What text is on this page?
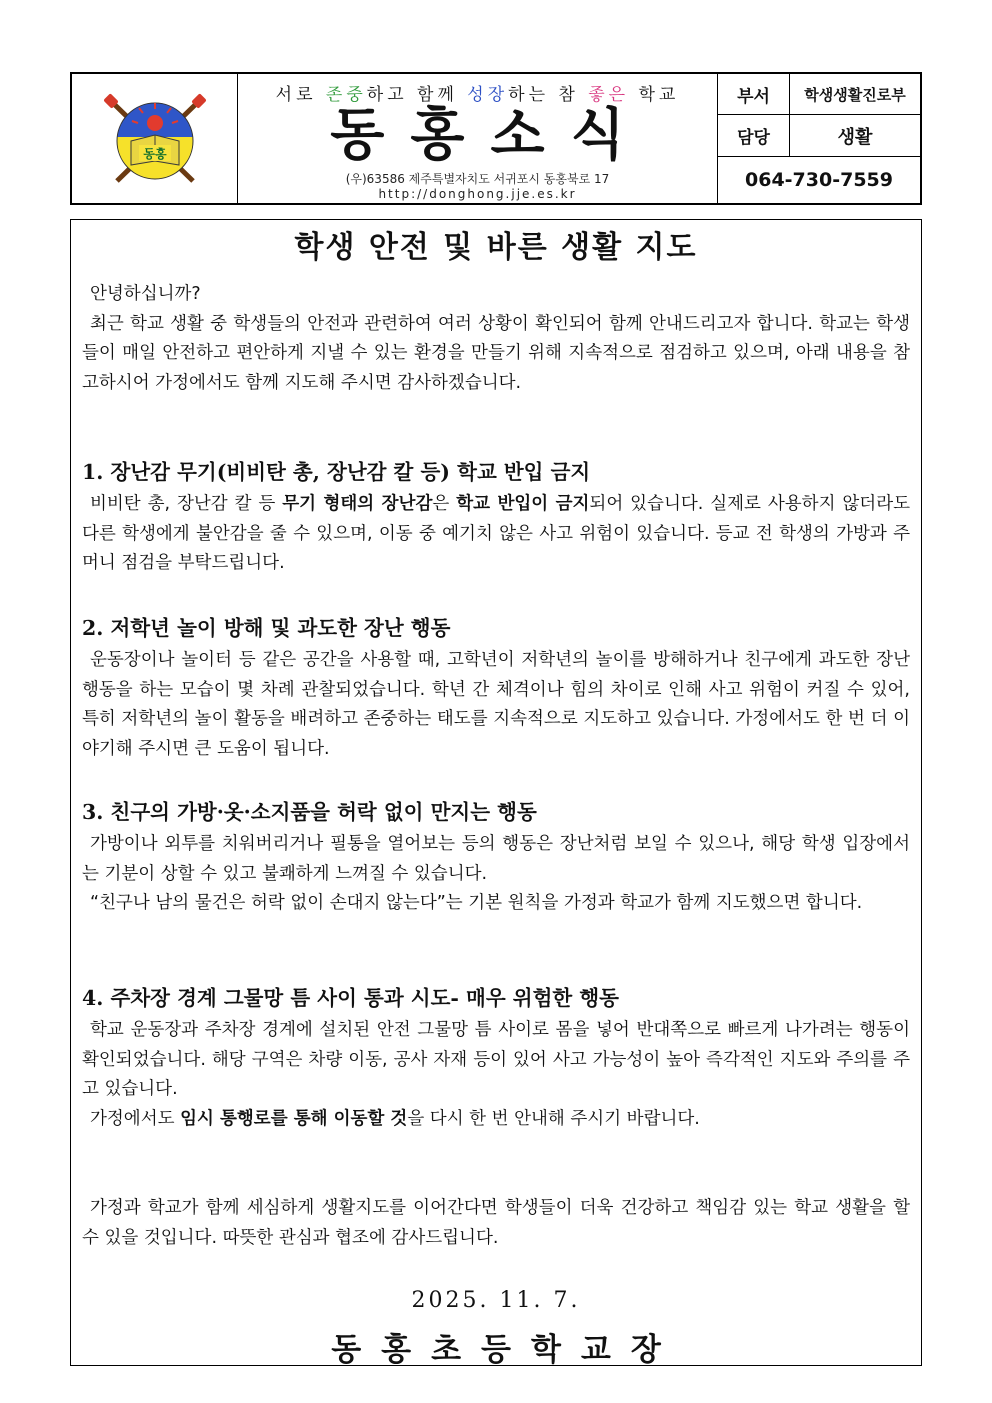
동홍
서로 존중하고 함께 성장하는 참 좋은 학교
동홍소식
(우)63586 제주특별자치도 서귀포시 동홍북로 17
http://donghong.jje.es.kr
부서	학생생활진로부
담당	생활
064-730-7559
학생 안전 및 바른 생활 지도

안녕하십니까?

최근 학교 생활 중 학생들의 안전과 관련하여 여러 상황이 확인되어 함께 안내드리고자 합니다. 학교는 학생들이 매일 안전하고 편안하게 지낼 수 있는 환경을 만들기 위해 지속적으로 점검하고 있으며, 아래 내용을 참고하시어 가정에서도 함께 지도해 주시면 감사하겠습니다.

1. 장난감 무기(비비탄 총, 장난감 칼 등) 학교 반입 금지

비비탄 총, 장난감 칼 등 무기 형태의 장난감은 학교 반입이 금지되어 있습니다. 실제로 사용하지 않더라도 다른 학생에게 불안감을 줄 수 있으며, 이동 중 예기치 않은 사고 위험이 있습니다. 등교 전 학생의 가방과 주머니 점검을 부탁드립니다.

2. 저학년 놀이 방해 및 과도한 장난 행동

운동장이나 놀이터 등 같은 공간을 사용할 때, 고학년이 저학년의 놀이를 방해하거나 친구에게 과도한 장난 행동을 하는 모습이 몇 차례 관찰되었습니다. 학년 간 체격이나 힘의 차이로 인해 사고 위험이 커질 수 있어, 특히 저학년의 놀이 활동을 배려하고 존중하는 태도를 지속적으로 지도하고 있습니다. 가정에서도 한 번 더 이야기해 주시면 큰 도움이 됩니다.

3. 친구의 가방·옷·소지품을 허락 없이 만지는 행동

가방이나 외투를 치워버리거나 필통을 열어보는 등의 행동은 장난처럼 보일 수 있으나, 해당 학생 입장에서는 기분이 상할 수 있고 불쾌하게 느껴질 수 있습니다.

“친구나 남의 물건은 허락 없이 손대지 않는다”는 기본 원칙을 가정과 학교가 함께 지도했으면 합니다.

4. 주차장 경계 그물망 틈 사이 통과 시도- 매우 위험한 행동

학교 운동장과 주차장 경계에 설치된 안전 그물망 틈 사이로 몸을 넣어 반대쪽으로 빠르게 나가려는 행동이 확인되었습니다. 해당 구역은 차량 이동, 공사 자재 등이 있어 사고 가능성이 높아 즉각적인 지도와 주의를 주고 있습니다.

가정에서도 임시 통행로를 통해 이동할 것을 다시 한 번 안내해 주시기 바랍니다.

가정과 학교가 함께 세심하게 생활지도를 이어간다면 학생들이 더욱 건강하고 책임감 있는 학교 생활을 할 수 있을 것입니다. 따뜻한 관심과 협조에 감사드립니다.

2025. 11. 7.
동홍초등학교장
